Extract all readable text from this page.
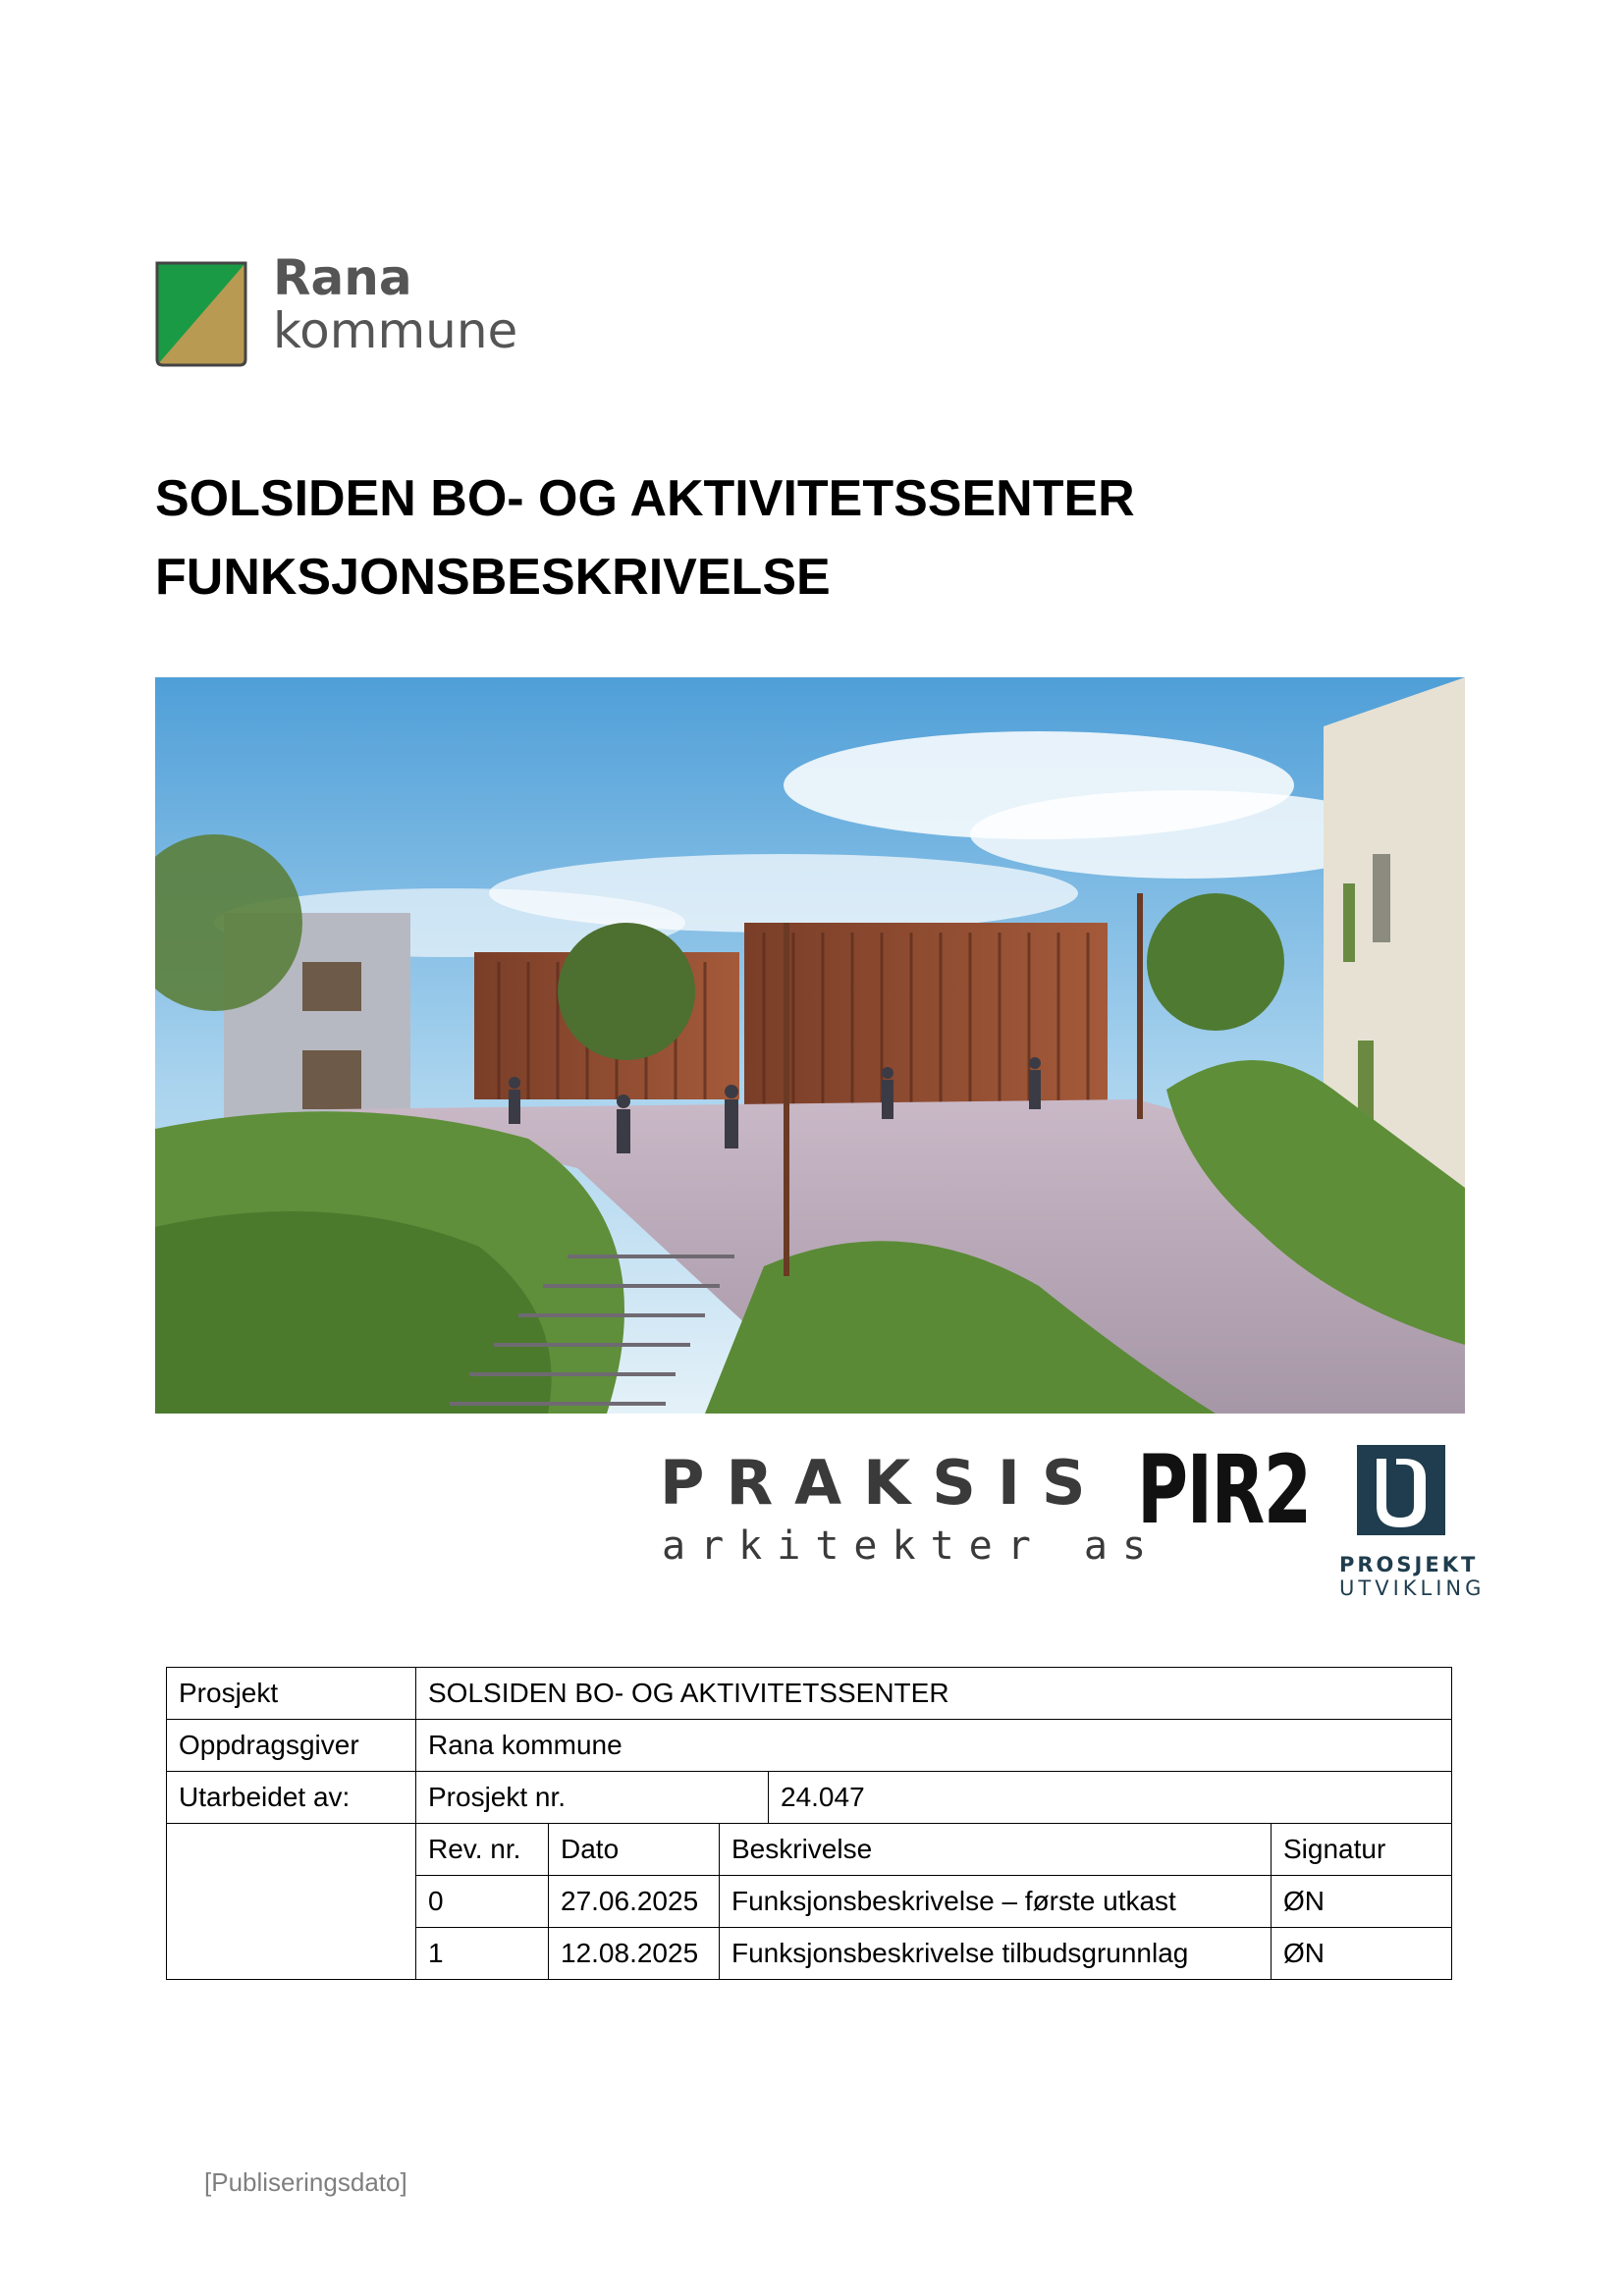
Rana
kommune
SOLSIDEN BO- OG AKTIVITETSSENTER
FUNKSJONSBESKRIVELSE
PRAKSIS
arkitekter as
PIR2
PROSJEKT
UTVIKLING
Prosjekt	SOLSIDEN BO- OG AKTIVITETSSENTER				
Oppdragsgiver	Rana kommune				
Utarbeidet av:	Prosjekt nr.			24.047	
	Rev. nr.	Dato	Beskrivelse		Signatur
	0	27.06.2025	Funksjonsbeskrivelse – første utkast		ØN
	1	12.08.2025	Funksjonsbeskrivelse tilbudsgrunnlag		ØN
[Publiseringsdato]
